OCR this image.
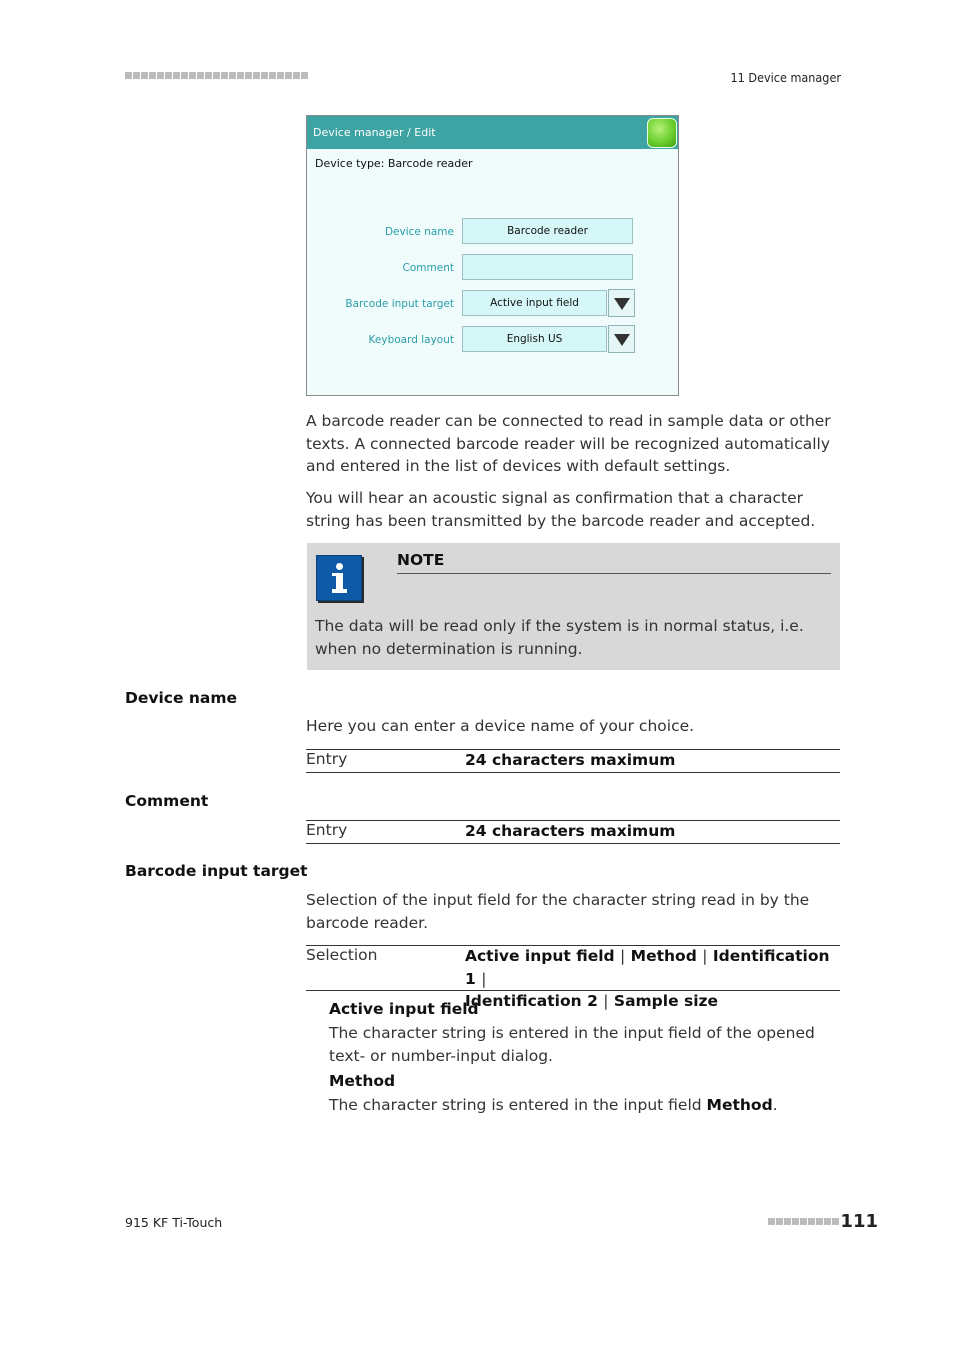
11 Device manager
Device manager / Edit
Device type: Barcode reader
Device name	Barcode reader
Comment
Barcode input target	Active input field
Keyboard layout	English US
A barcode reader can be connected to read in sample data or other texts. A connected barcode reader will be recognized automatically and entered in the list of devices with default settings.
You will hear an acoustic signal as confirmation that a character string has been transmitted by the barcode reader and accepted.
NOTE
The data will be read only if the system is in normal status, i.e. when no determination is running.
Device name
Here you can enter a device name of your choice.
Entry	24 characters maximum
Comment
Entry	24 characters maximum
Barcode input target
Selection of the input field for the character string read in by the barcode reader.
Selection	Active input field | Method | Identification 1 |
Identification 2 | Sample size
Active input field
The character string is entered in the input field of the opened text- or number-input dialog.
Method
The character string is entered in the input field Method.
915 KF Ti-Touch	111
